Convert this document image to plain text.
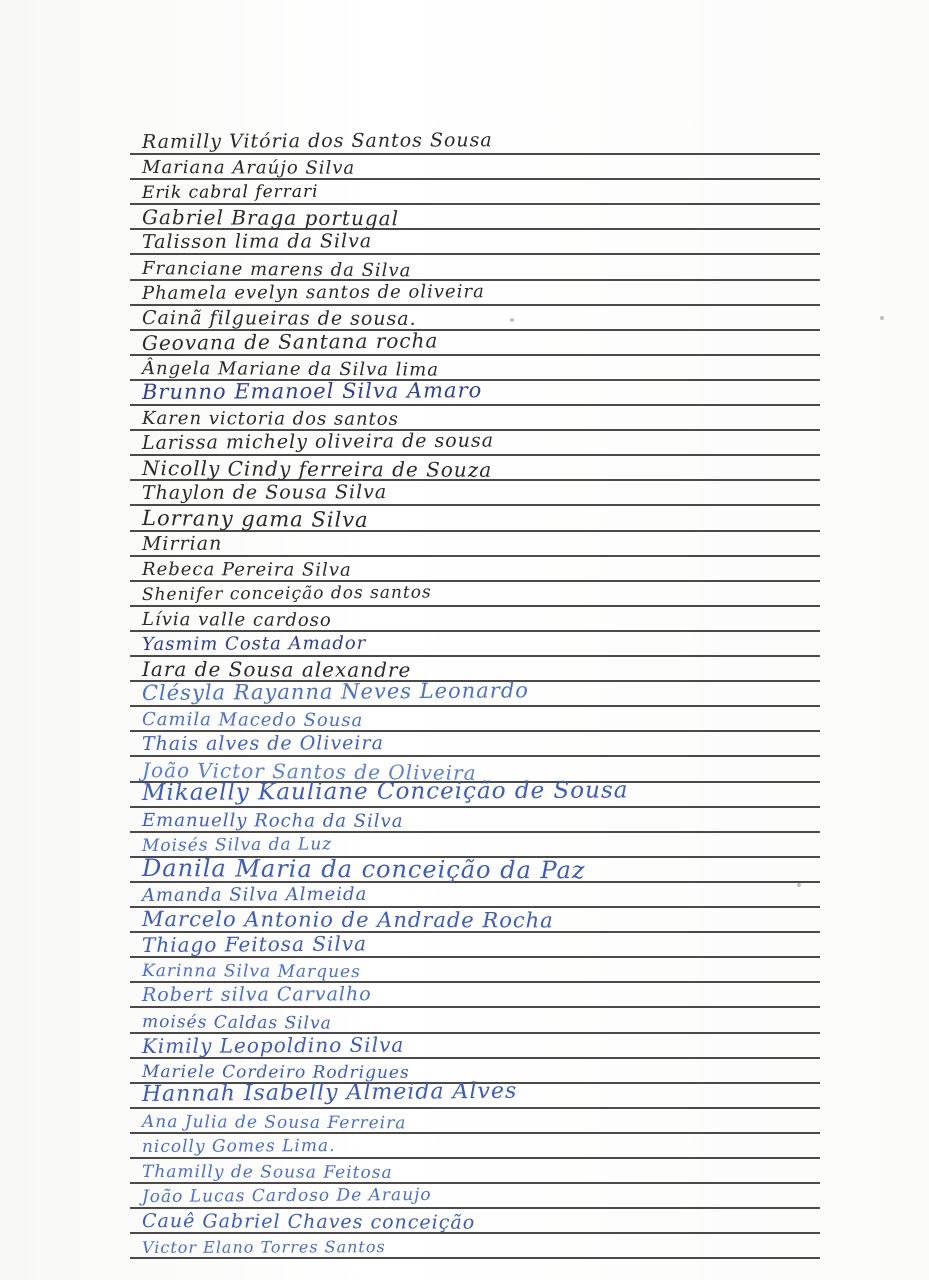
Ramilly Vitória dos Santos Sousa
Mariana Araújo Silva
Erik cabral ferrari
Gabriel Braga portugal
Talisson lima da Silva
Franciane marens da Silva
Phamela evelyn santos de oliveira
Cainã filgueiras de sousa.
Geovana de Santana rocha
Ângela Mariane da Silva lima
Brunno Emanoel Silva Amaro
Karen victoria dos santos
Larissa michely oliveira de sousa
Nicolly Cindy ferreira de Souza
Thaylon de Sousa Silva
Lorrany gama Silva
Mirrian
Rebeca Pereira Silva
Shenifer conceição dos santos
Lívia valle cardoso
Yasmim Costa Amador
Iara de Sousa alexandre
Clésyla Rayanna Neves Leonardo
Camila Macedo Sousa
Thais alves de Oliveira
João Victor Santos de Oliveira
Mikaelly Kauliane Conceição de Sousa
Emanuelly Rocha da Silva
Moisés Silva da Luz
Danila Maria da conceição da Paz
Amanda Silva Almeida
Marcelo Antonio de Andrade Rocha
Thiago Feitosa Silva
Karinna Silva Marques
Robert silva Carvalho
moisés Caldas Silva
Kimily Leopoldino Silva
Mariele Cordeiro Rodrigues
Hannah Isabelly Almeida Alves
Ana Julia de Sousa Ferreira
nicolly Gomes Lima.
Thamilly de Sousa Feitosa
João Lucas Cardoso De Araujo
Cauê Gabriel Chaves conceição
Victor Elano Torres Santos
